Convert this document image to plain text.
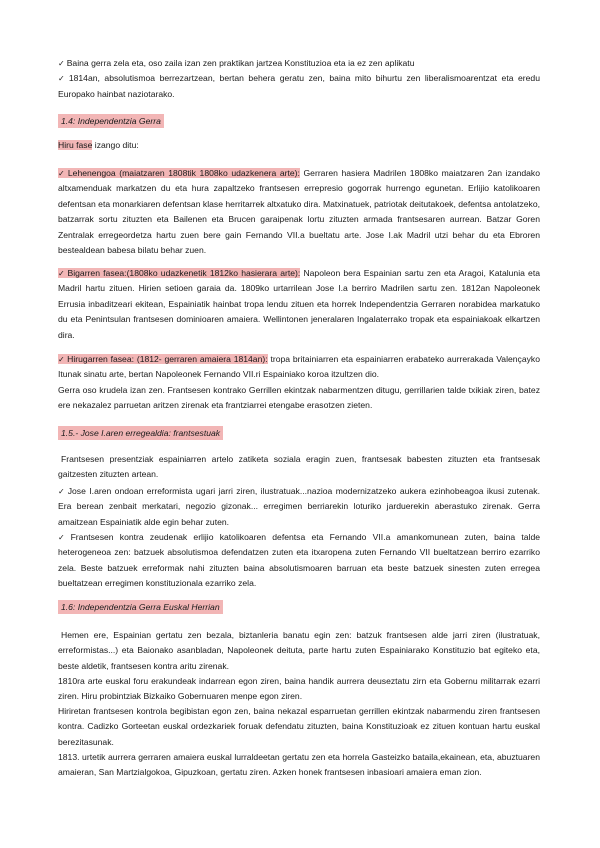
✓ Baina gerra zela eta, oso zaila izan zen praktikan jartzea Konstituzioa eta ia ez zen aplikatu
✓ 1814an, absolutismoa berrezartzean, bertan behera geratu zen, baina mito bihurtu zen liberalismoarentzat eta eredu Europako hainbat naziotarako.
1.4: Independentzia Gerra
Hiru fase izango ditu:
✓ Lehenengoa (maiatzaren 1808tik 1808ko udazkenera arte): Gerraren hasiera Madrilen 1808ko maiatzaren 2an izandako altxamenduak markatzen du eta hura zapaltzeko frantsesen errepresio gogorrak hurrengo egunetan. Erlijio katolikoaren defentsan eta monarkiaren defentsan klase herritarrek altxatuko dira. Matxinatuek, patriotak deitutakoek, defentsa antolatzeko, batzarrak sortu zituzten eta Bailenen eta Brucen garaipenak lortu zituzten armada frantsesaren aurrean. Batzar Goren Zentralak erregeordetza hartu zuen bere gain Fernando VII.a bueltatu arte. Jose I.ak Madril utzi behar du eta Ebroren bestealdean babesa bilatu behar zuen.
✓ Bigarren fasea:(1808ko udazkenetik 1812ko hasierara arte): Napoleon bera Espainian sartu zen eta Aragoi, Katalunia eta Madril hartu zituen. Hirien setioen garaia da. 1809ko urtarrilean Jose I.a berriro Madrilen sartu zen. 1812an Napoleonek Errusia inbaditzeari ekitean, Espainiatik hainbat tropa lendu zituen eta horrek Independentzia Gerraren norabidea markatuko du eta Penintsulan frantsesen dominioaren amaiera. Wellintonen jeneralaren Ingalaterrako tropak eta espainiakoak elkartzen dira.
✓ Hirugarren fasea: (1812- gerraren amaiera 1814an): tropa britainiarren eta espainiarren erabateko aurrerakada Valençayko Itunak sinatu arte, bertan Napoleonek Fernando VII.ri Espainiako koroa itzultzen dio.
Gerra oso krudela izan zen. Frantsesen kontrako Gerrillen ekintzak nabarmentzen ditugu, gerrillarien talde txikiak ziren, batez ere nekazalez parruetan aritzen zirenak eta frantziarrei etengabe erasotzen zieten.
1.5.- Jose I.aren erregealdia: frantsestuak
Frantsesen presentziak espainiarren artelo zatiketa soziala eragin zuen, frantsesak babesten zituzten eta frantsesak gaitzesten zituzten artean.
✓ Jose I.aren ondoan erreformista ugari jarri ziren, ilustratuak...nazioa modernizatzeko aukera ezinhobeagoa ikusi zutenak. Era berean zenbait merkatari, negozio gizonak... erregimen berriarekin loturiko jarduerekin aberastuko zirenak. Gerra amaitzean Espainiatik alde egin behar zuten.
✓ Frantsesen kontra zeudenak erlijio katolikoaren defentsa eta Fernando VII.a amankomunean zuten, baina talde heterogeneoa zen: batzuek absolutismoa defendatzen zuten eta itxaropena zuten Fernando VII bueltatzean berriro ezarriko zela. Beste batzuek erreformak nahi zituzten baina absolutismoaren barruan eta beste batzuek sinesten zuten erregea bueltatzean erregimen konstituzionala ezarriko zela.
1.6: Independentzia Gerra Euskal Herrian
Hemen ere, Espainian gertatu zen bezala, biztanleria banatu egin zen: batzuk frantsesen alde jarri ziren (ilustratuak, erreformistas...) eta Baionako asanbladan, Napoleonek deituta, parte hartu zuten Espainiarako Konstituzio bat egiteko eta, beste aldetik, frantsesen kontra aritu zirenak.
1810ra arte euskal foru erakundeak indarrean egon ziren, baina handik aurrera deuseztatu zirn eta Gobernu militarrak ezarri ziren. Hiru probintziak Bizkaiko Gobernuaren menpe egon ziren.
Hiriretan frantsesen kontrola begibistan egon zen, baina nekazal esparruetan gerrillen ekintzak nabarmendu ziren frantsesen kontra. Cadizko Gorteetan euskal ordezkariek foruak defendatu zituzten, baina Konstituzioak ez zituen kontuan hartu euskal berezitasunak.
1813. urtetik aurrera gerraren amaiera euskal lurraldeetan gertatu zen eta horrela Gasteizko bataila,ekainean, eta, abuztuaren amaieran, San Martzialgokoa, Gipuzkoan, gertatu ziren. Azken honek frantsesen inbasioari amaiera eman zion.
